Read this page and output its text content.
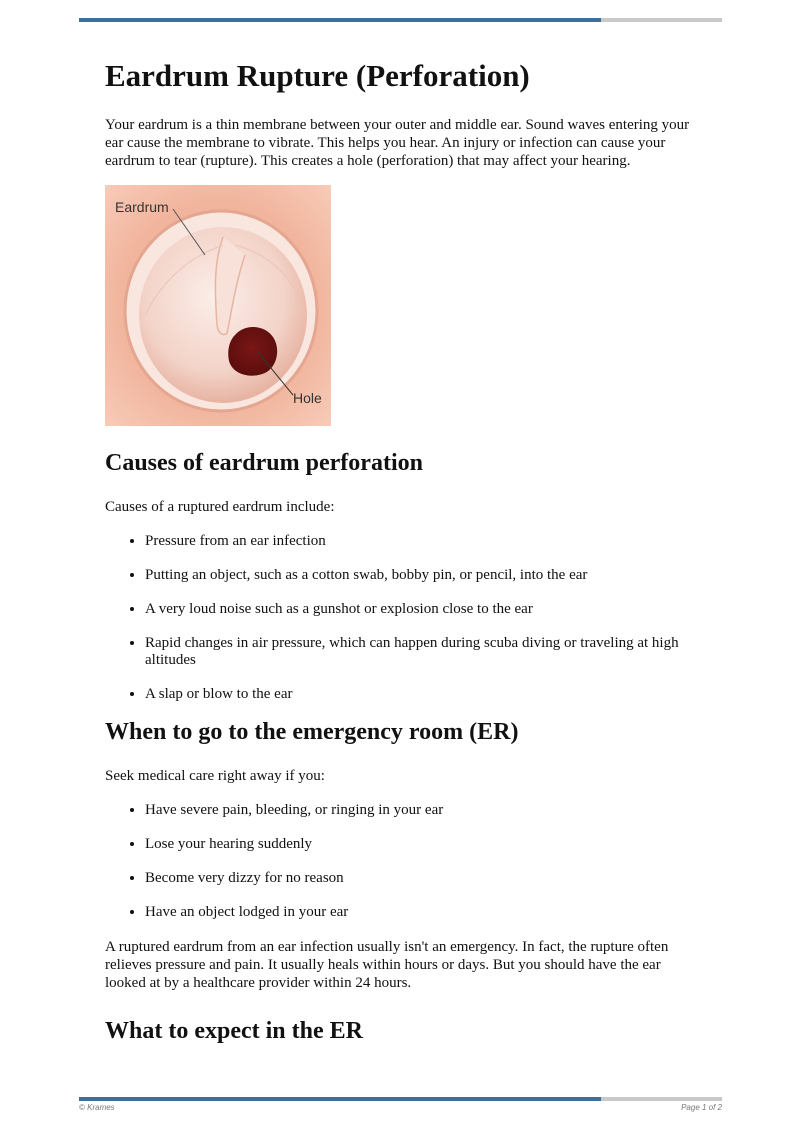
Eardrum Rupture (Perforation)

Your eardrum is a thin membrane between your outer and middle ear. Sound waves entering your ear cause the membrane to vibrate. This helps you hear. An injury or infection can cause your eardrum to tear (rupture). This creates a hole (perforation) that may affect your hearing.

Eardrum
Hole
Causes of eardrum perforation

Causes of a ruptured eardrum include:

• Pressure from an ear infection
• Putting an object, such as a cotton swab, bobby pin, or pencil, into the ear
• A very loud noise such as a gunshot or explosion close to the ear
• Rapid changes in air pressure, which can happen during scuba diving or traveling at high altitudes
• A slap or blow to the ear
When to go to the emergency room (ER)

Seek medical care right away if you:

• Have severe pain, bleeding, or ringing in your ear
• Lose your hearing suddenly
• Become very dizzy for no reason
• Have an object lodged in your ear

A ruptured eardrum from an ear infection usually isn't an emergency. In fact, the rupture often relieves pressure and pain. It usually heals within hours or days. But you should have the ear looked at by a healthcare provider within 24 hours.

What to expect in the ER
© Krames	Page 1 of 2
